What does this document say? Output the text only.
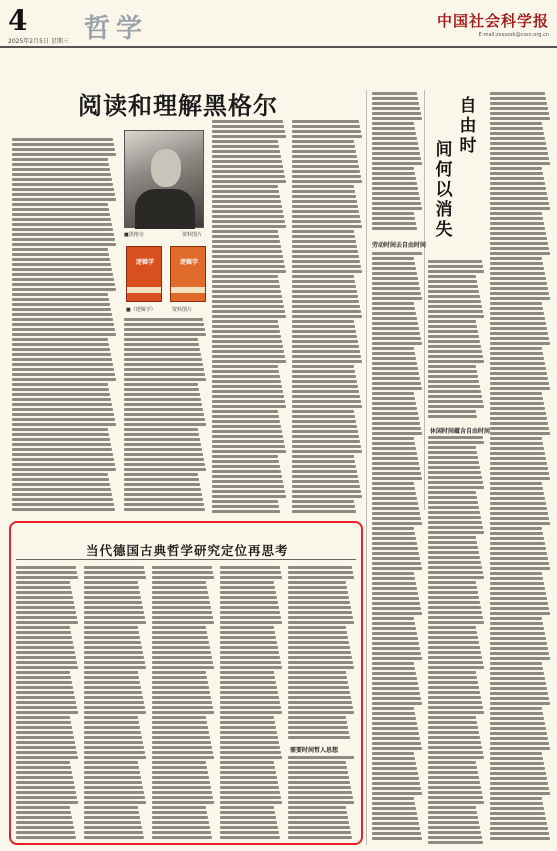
4 哲学
2025年2月5日 星期三
中国社会科学报
E-mail:zxsxzsb@cssn.org.cn
阅读和理解黑格尔
■黑格尔	资料图片
逻辑学	逻辑学
■《逻辑学》	资料图片
自由时
间何以消失
劳动时间去自由时间
休闲时间蕴含自由时间
当代德国古典哲学研究定位再思考
需要时间哲人思想
